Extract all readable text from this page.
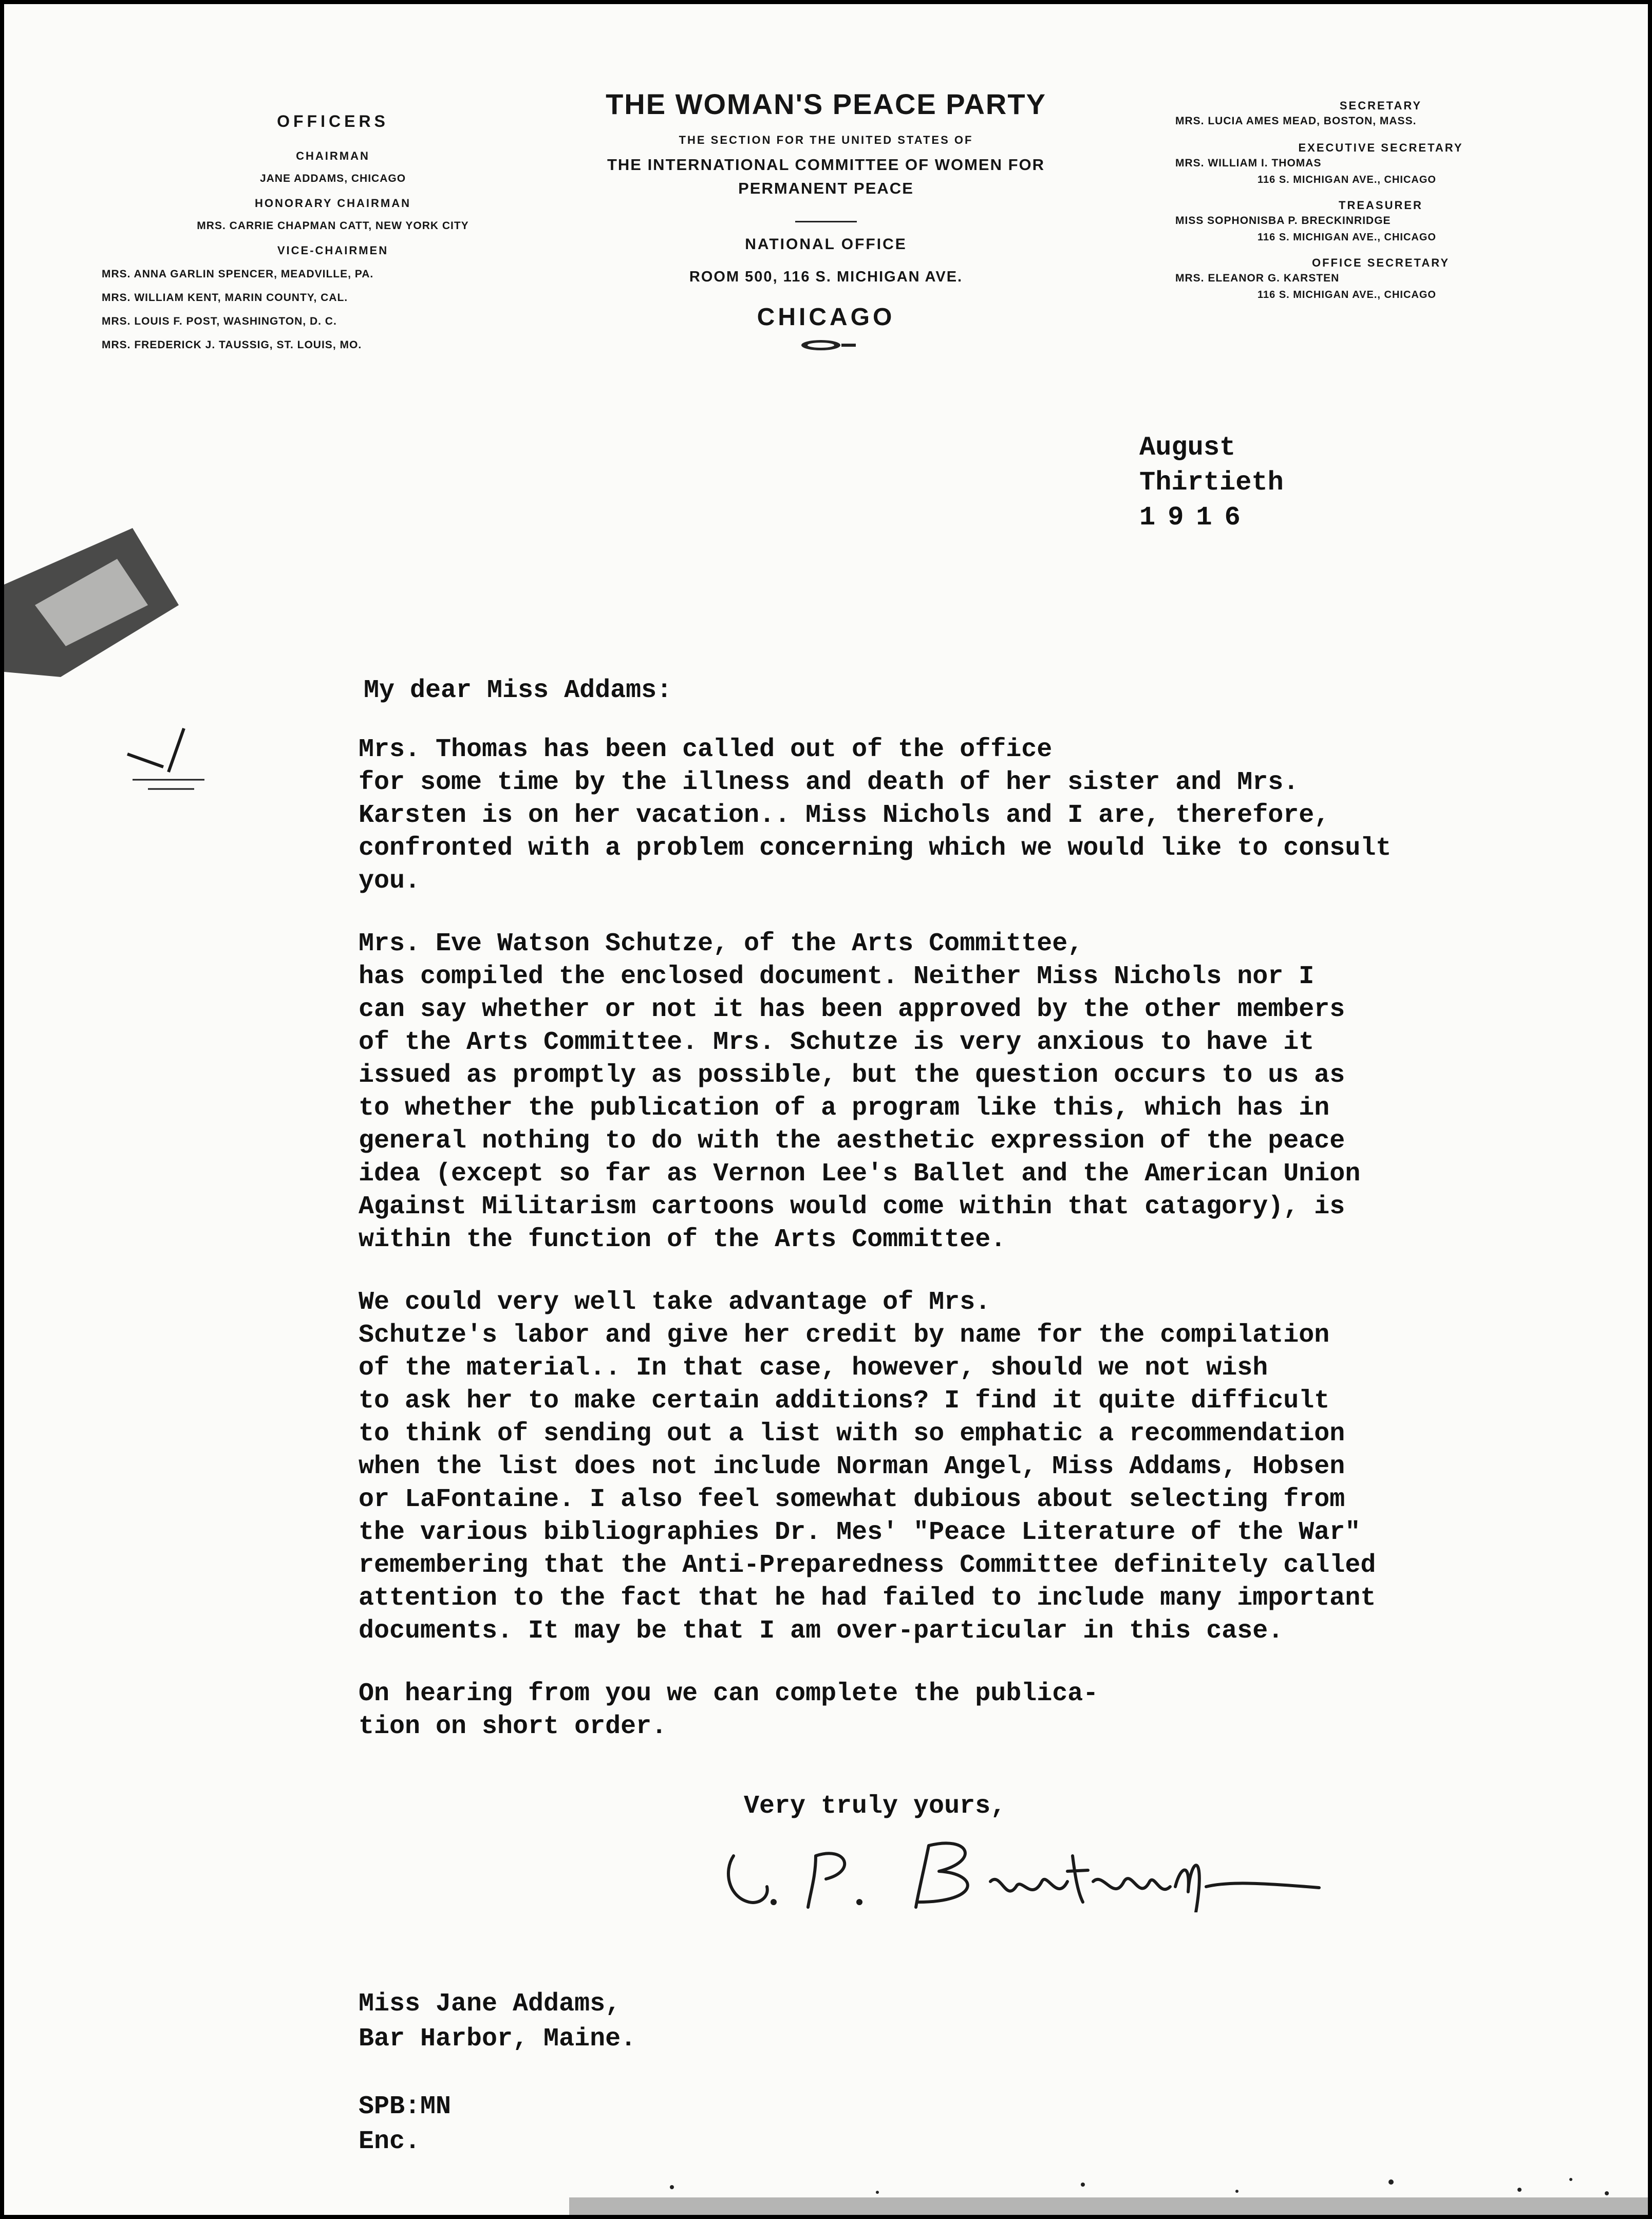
OFFICERS
CHAIRMAN
JANE ADDAMS, CHICAGO
HONORARY CHAIRMAN
MRS. CARRIE CHAPMAN CATT, NEW YORK CITY
VICE-CHAIRMEN
MRS. ANNA GARLIN SPENCER, MEADVILLE, PA.
MRS. WILLIAM KENT, MARIN COUNTY, CAL.
MRS. LOUIS F. POST, WASHINGTON, D. C.
MRS. FREDERICK J. TAUSSIG, ST. LOUIS, MO.
THE WOMAN'S PEACE PARTY
THE SECTION FOR THE UNITED STATES OF
THE INTERNATIONAL COMMITTEE OF WOMEN FOR
PERMANENT PEACE
NATIONAL OFFICE
ROOM 500, 116 S. MICHIGAN AVE.
CHICAGO
SECRETARY
MRS. LUCIA AMES MEAD, BOSTON, MASS.
EXECUTIVE SECRETARY
MRS. WILLIAM I. THOMAS
116 S. MICHIGAN AVE., CHICAGO
TREASURER
MISS SOPHONISBA P. BRECKINRIDGE
116 S. MICHIGAN AVE., CHICAGO
OFFICE SECRETARY
MRS. ELEANOR G. KARSTEN
116 S. MICHIGAN AVE., CHICAGO
August
Thirtieth
1916
My dear Miss Addams:

Mrs. Thomas has been called out of the office
for some time by the illness and death of her sister and Mrs.
Karsten is on her vacation.. Miss Nichols and I are, therefore,
confronted with a problem concerning which we would like to consult
you.

Mrs. Eve Watson Schutze, of the Arts Committee,
has compiled the enclosed document. Neither Miss Nichols nor I
can say whether or not it has been approved by the other members
of the Arts Committee. Mrs. Schutze is very anxious to have it
issued as promptly as possible, but the question occurs to us as
to whether the publication of a program like this, which has in
general nothing to do with the aesthetic expression of the peace
idea (except so far as Vernon Lee's Ballet and the American Union
Against Militarism cartoons would come within that catagory), is
within the function of the Arts Committee.

We could very well take advantage of Mrs.
Schutze's labor and give her credit by name for the compilation
of the material.. In that case, however, should we not wish
to ask her to make certain additions? I find it quite difficult
to think of sending out a list with so emphatic a recommendation
when the list does not include Norman Angel, Miss Addams, Hobsen
or LaFontaine. I also feel somewhat dubious about selecting from
the various bibliographies Dr. Mes' "Peace Literature of the War"
remembering that the Anti-Preparedness Committee definitely called
attention to the fact that he had failed to include many important
documents. It may be that I am over-particular in this case.

On hearing from you we can complete the publica-
tion on short order.

Very truly yours,
Miss Jane Addams,
Bar Harbor, Maine.
SPB:MN
Enc.
